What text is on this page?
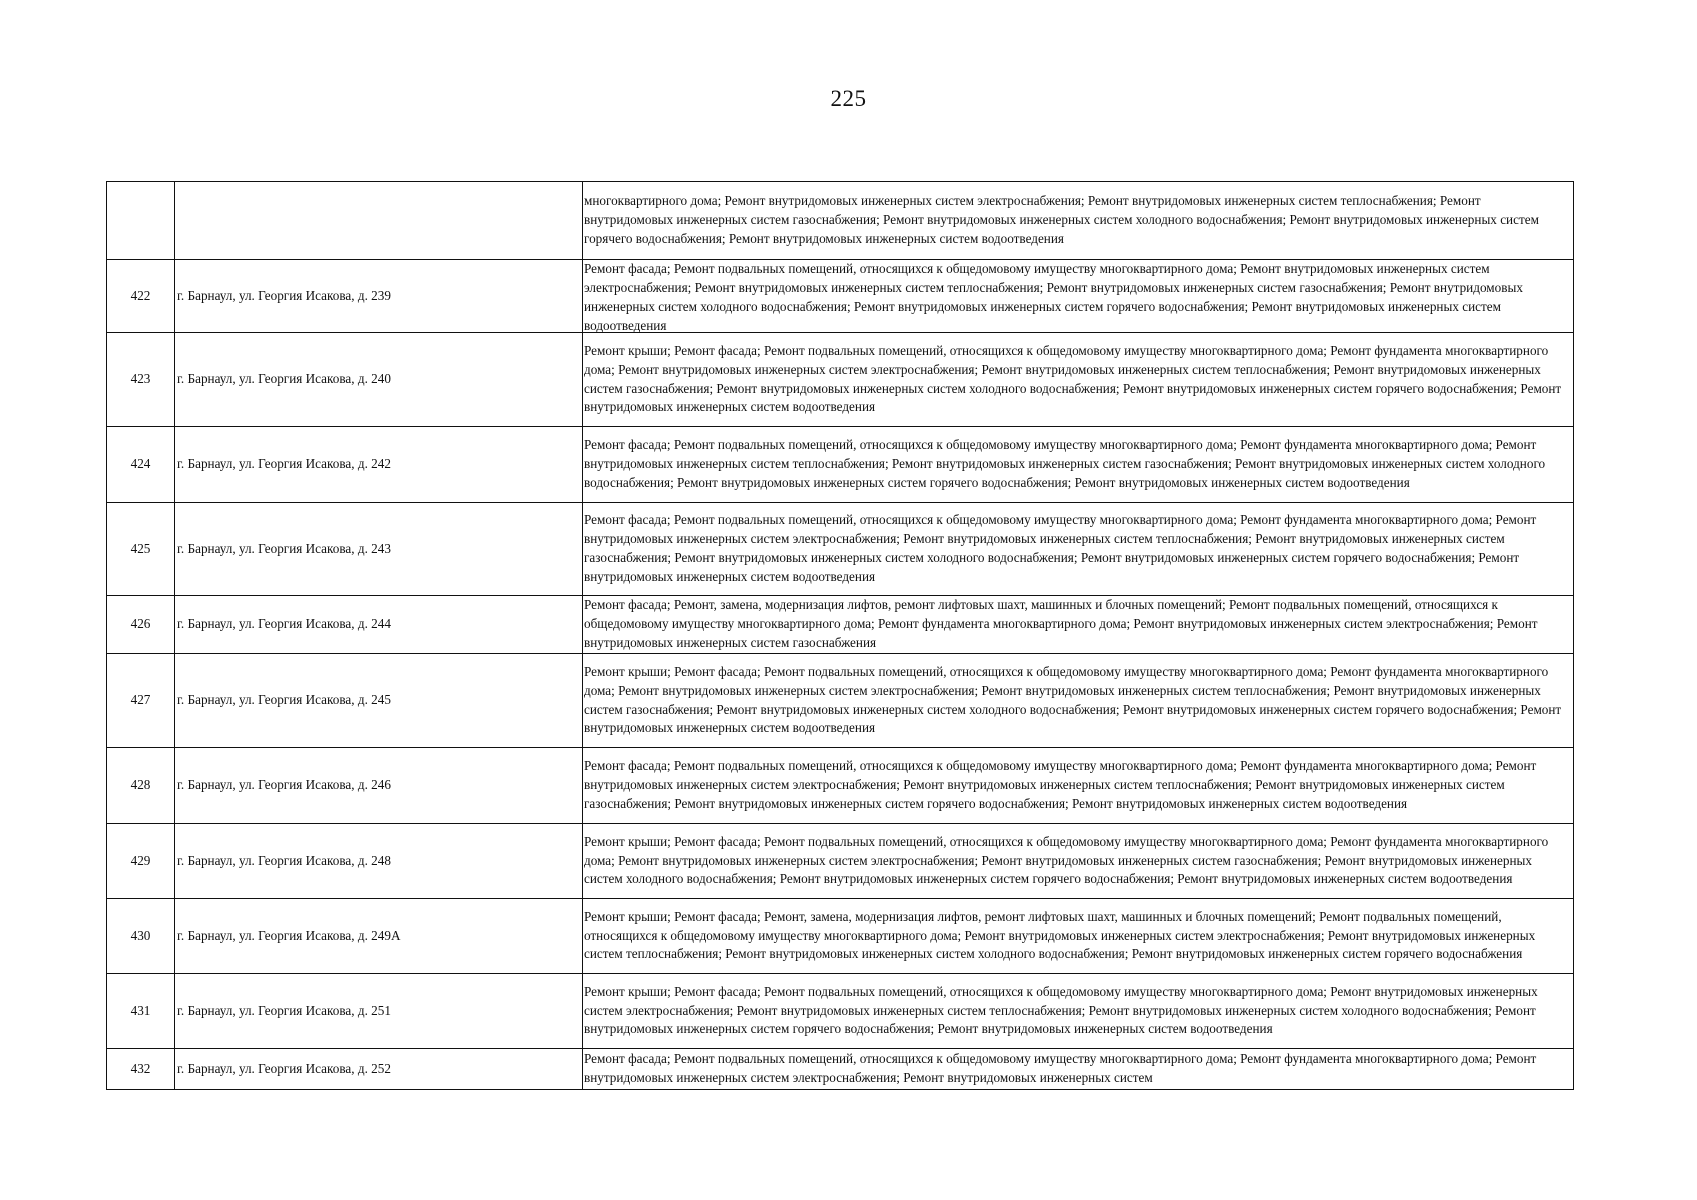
225

		многоквартирного дома; Ремонт внутридомовых инженерных систем электроснабжения; Ремонт внутридомовых инженерных систем теплоснабжения; Ремонт внутридомовых инженерных систем газоснабжения; Ремонт внутридомовых инженерных систем холодного водоснабжения; Ремонт внутридомовых инженерных систем горячего водоснабжения; Ремонт внутридомовых инженерных систем водоотведения

422	г. Барнаул, ул. Георгия Исакова, д. 239	Ремонт фасада; Ремонт подвальных помещений, относящихся к общедомовому имуществу многоквартирного дома; Ремонт внутридомовых инженерных систем электроснабжения; Ремонт внутридомовых инженерных систем теплоснабжения; Ремонт внутридомовых инженерных систем газоснабжения; Ремонт внутридомовых инженерных систем холодного водоснабжения; Ремонт внутридомовых инженерных систем горячего водоснабжения; Ремонт внутридомовых инженерных систем водоотведения

423	г. Барнаул, ул. Георгия Исакова, д. 240	Ремонт крыши; Ремонт фасада; Ремонт подвальных помещений, относящихся к общедомовому имуществу многоквартирного дома; Ремонт фундамента многоквартирного дома; Ремонт внутридомовых инженерных систем электроснабжения; Ремонт внутридомовых инженерных систем теплоснабжения; Ремонт внутридомовых инженерных систем газоснабжения; Ремонт внутридомовых инженерных систем холодного водоснабжения; Ремонт внутридомовых инженерных систем горячего водоснабжения; Ремонт внутридомовых инженерных систем водоотведения

424	г. Барнаул, ул. Георгия Исакова, д. 242	Ремонт фасада; Ремонт подвальных помещений, относящихся к общедомовому имуществу многоквартирного дома; Ремонт фундамента многоквартирного дома; Ремонт внутридомовых инженерных систем теплоснабжения; Ремонт внутридомовых инженерных систем газоснабжения; Ремонт внутридомовых инженерных систем холодного водоснабжения; Ремонт внутридомовых инженерных систем горячего водоснабжения; Ремонт внутридомовых инженерных систем водоотведения

425	г. Барнаул, ул. Георгия Исакова, д. 243	Ремонт фасада; Ремонт подвальных помещений, относящихся к общедомовому имуществу многоквартирного дома; Ремонт фундамента многоквартирного дома; Ремонт внутридомовых инженерных систем электроснабжения; Ремонт внутридомовых инженерных систем теплоснабжения; Ремонт внутридомовых инженерных систем газоснабжения; Ремонт внутридомовых инженерных систем холодного водоснабжения; Ремонт внутридомовых инженерных систем горячего водоснабжения; Ремонт внутридомовых инженерных систем водоотведения

426	г. Барнаул, ул. Георгия Исакова, д. 244	Ремонт фасада; Ремонт, замена, модернизация лифтов, ремонт лифтовых шахт, машинных и блочных помещений; Ремонт подвальных помещений, относящихся к общедомовому имуществу многоквартирного дома; Ремонт фундамента многоквартирного дома; Ремонт внутридомовых инженерных систем электроснабжения; Ремонт внутридомовых инженерных систем газоснабжения

427	г. Барнаул, ул. Георгия Исакова, д. 245	Ремонт крыши; Ремонт фасада; Ремонт подвальных помещений, относящихся к общедомовому имуществу многоквартирного дома; Ремонт фундамента многоквартирного дома; Ремонт внутридомовых инженерных систем электроснабжения; Ремонт внутридомовых инженерных систем теплоснабжения; Ремонт внутридомовых инженерных систем газоснабжения; Ремонт внутридомовых инженерных систем холодного водоснабжения; Ремонт внутридомовых инженерных систем горячего водоснабжения; Ремонт внутридомовых инженерных систем водоотведения

428	г. Барнаул, ул. Георгия Исакова, д. 246	Ремонт фасада; Ремонт подвальных помещений, относящихся к общедомовому имуществу многоквартирного дома; Ремонт фундамента многоквартирного дома; Ремонт внутридомовых инженерных систем электроснабжения; Ремонт внутридомовых инженерных систем теплоснабжения; Ремонт внутридомовых инженерных систем газоснабжения; Ремонт внутридомовых инженерных систем горячего водоснабжения; Ремонт внутридомовых инженерных систем водоотведения

429	г. Барнаул, ул. Георгия Исакова, д. 248	Ремонт крыши; Ремонт фасада; Ремонт подвальных помещений, относящихся к общедомовому имуществу многоквартирного дома; Ремонт фундамента многоквартирного дома; Ремонт внутридомовых инженерных систем электроснабжения; Ремонт внутридомовых инженерных систем газоснабжения; Ремонт внутридомовых инженерных систем холодного водоснабжения; Ремонт внутридомовых инженерных систем горячего водоснабжения; Ремонт внутридомовых инженерных систем водоотведения

430	г. Барнаул, ул. Георгия Исакова, д. 249А	Ремонт крыши; Ремонт фасада; Ремонт, замена, модернизация лифтов, ремонт лифтовых шахт, машинных и блочных помещений; Ремонт подвальных помещений, относящихся к общедомовому имуществу многоквартирного дома; Ремонт внутридомовых инженерных систем электроснабжения; Ремонт внутридомовых инженерных систем теплоснабжения; Ремонт внутридомовых инженерных систем холодного водоснабжения; Ремонт внутридомовых инженерных систем горячего водоснабжения

431	г. Барнаул, ул. Георгия Исакова, д. 251	Ремонт крыши; Ремонт фасада; Ремонт подвальных помещений, относящихся к общедомовому имуществу многоквартирного дома; Ремонт внутридомовых инженерных систем электроснабжения; Ремонт внутридомовых инженерных систем теплоснабжения; Ремонт внутридомовых инженерных систем холодного водоснабжения; Ремонт внутридомовых инженерных систем горячего водоснабжения; Ремонт внутридомовых инженерных систем водоотведения

432	г. Барнаул, ул. Георгия Исакова, д. 252	Ремонт фасада; Ремонт подвальных помещений, относящихся к общедомовому имуществу многоквартирного дома; Ремонт фундамента многоквартирного дома; Ремонт внутридомовых инженерных систем электроснабжения; Ремонт внутридомовых инженерных систем
